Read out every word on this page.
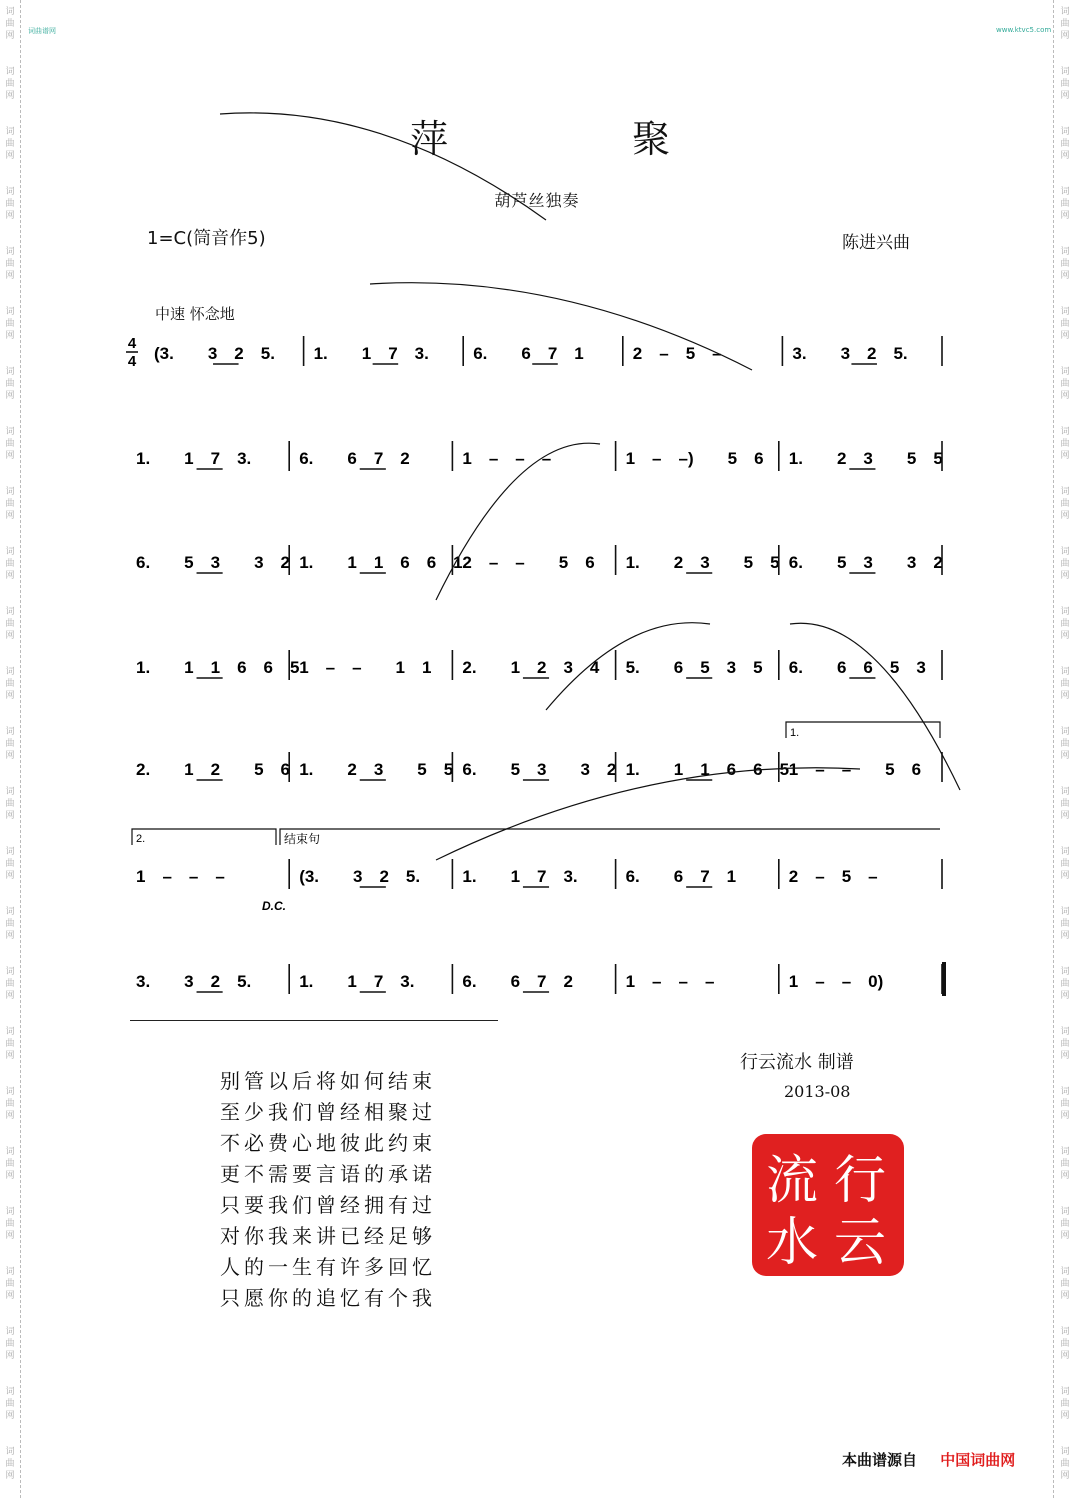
词
曲
网
词
曲
网
词
曲
网
词
曲
网
词
曲
网
词
曲
网
词
曲
网
词
曲
网
词
曲
网
词
曲
网
词
曲
网
词
曲
网
词
曲
网
词
曲
网
词
曲
网
词
曲
网
词
曲
网
词
曲
网
词
曲
网
词
曲
网
词
曲
网
词
曲
网
词
曲
网
词
曲
网
词
曲
网
词
曲
网
词
曲
网
词
曲
网
词
曲
网
词
曲
网
词
曲
网
词
曲
网
词
曲
网
词
曲
网
词
曲
网
词
曲
网
词
曲
网
词
曲
网
词
曲
网
词
曲
网
词
曲
网
词
曲
网
词
曲
网
词
曲
网
词
曲
网
词
曲
网
词
曲
网
词
曲
网
词
曲
网
词
曲
网
词曲谱网	www.ktvc5.com
萍	聚
葫芦丝独奏
1=C(筒音作5)	陈进兴曲
中速 怀念地
4
4 (3.  3 2 5. 1.  1 7 3.	6.  6 7 1	2 – 5 –	3.  3 2 5.
1.  1 7 3.	6.  6 7 2	1 – – –	1 – –)  5 6 1.  2 3  5 5
6.  5 3  3 2 1.  1 1 6 6 1 2 – –  5 6 1.  2 3  5 5 6.  5 3  3 2
1.  1 1 6 6 5 1 – –  1 1 2.  1 2 3 4 5.  6 5 3 5 6.  6 6 5 3
2.  1 2  5 6 1.  2 3  5 5 6.  5 3  3 2 1.  1 1 6 6 5 1 – –  5 6
1 – – –	(3.  3 2 5. 1.  1 7 3.	6.  6 7 1	2 – 5 –
3.  3 2 5.	1.  1 7 3.	6.  6 7 2	1 – – –	1 – – 0)
1.
2.	结束句
D.C.
别管以后将如何结束
至少我们曾经相聚过
不必费心地彼此约束
更不需要言语的承诺
只要我们曾经拥有过
对你我来讲已经足够
人的一生有许多回忆
只愿你的追忆有个我
行云流水 制谱
2013-08
行
流
云
水
本曲谱源自 中国词曲网
